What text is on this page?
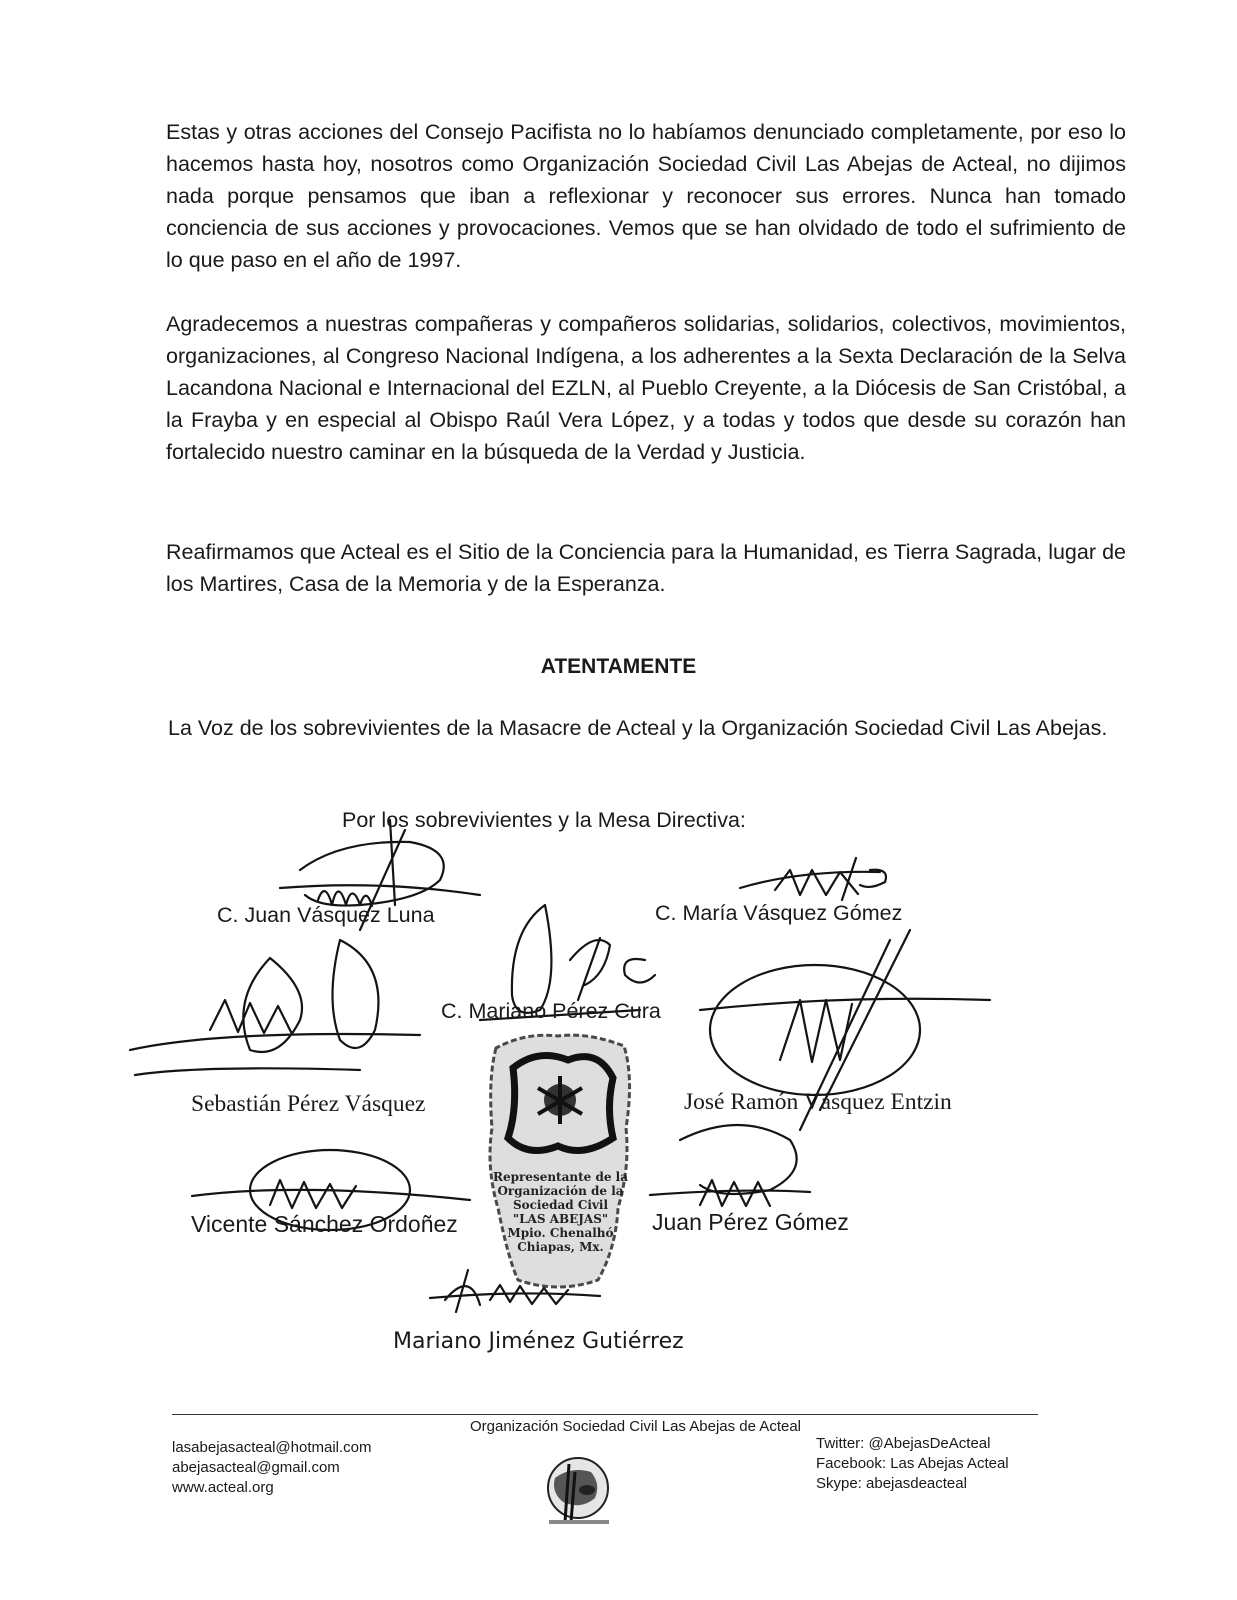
Estas y otras acciones del Consejo Pacifista no lo habíamos denunciado completamente, por eso lo hacemos hasta hoy, nosotros como Organización Sociedad Civil Las Abejas de Acteal, no dijimos nada porque pensamos que iban a reflexionar y reconocer sus errores. Nunca han tomado conciencia de sus acciones y provocaciones. Vemos que se han olvidado de todo el sufrimiento de lo que paso en el año de 1997.

Agradecemos a nuestras compañeras y compañeros solidarias, solidarios, colectivos, movimientos, organizaciones, al Congreso Nacional Indígena, a los adherentes a la Sexta Declaración de la Selva Lacandona Nacional e Internacional del EZLN, al Pueblo Creyente, a la Diócesis de San Cristóbal, a la Frayba y en especial al Obispo Raúl Vera López, y a todas y todos que desde su corazón han fortalecido nuestro caminar en la búsqueda de la Verdad y Justicia.

Reafirmamos que Acteal es el Sitio de la Conciencia para la Humanidad, es Tierra Sagrada, lugar de los Martires, Casa de la Memoria y de la Esperanza.

ATENTAMENTE

La Voz de los sobrevivientes de la Masacre de Acteal y la Organización Sociedad Civil Las Abejas.

Por los sobrevivientes y la Mesa Directiva:

Representante de la
Organización de la
Sociedad Civil
"LAS ABEJAS"
Mpio. Chenalhó
Chiapas, Mx.

C. Juan Vásquez Luna	C. María Vásquez Gómez

C. Mariano Pérez Cura

Sebastián Pérez Vásquez	José Ramón Vásquez Entzin

Vicente Sánchez Ordoñez	Juan Pérez Gómez

Mariano Jiménez Gutiérrez

Organización Sociedad Civil Las Abejas de Acteal

lasabejasacteal@hotmail.com
abejasacteal@gmail.com
www.acteal.org
Twitter: @AbejasDeActeal
Facebook: Las Abejas Acteal
Skype: abejasdeacteal
